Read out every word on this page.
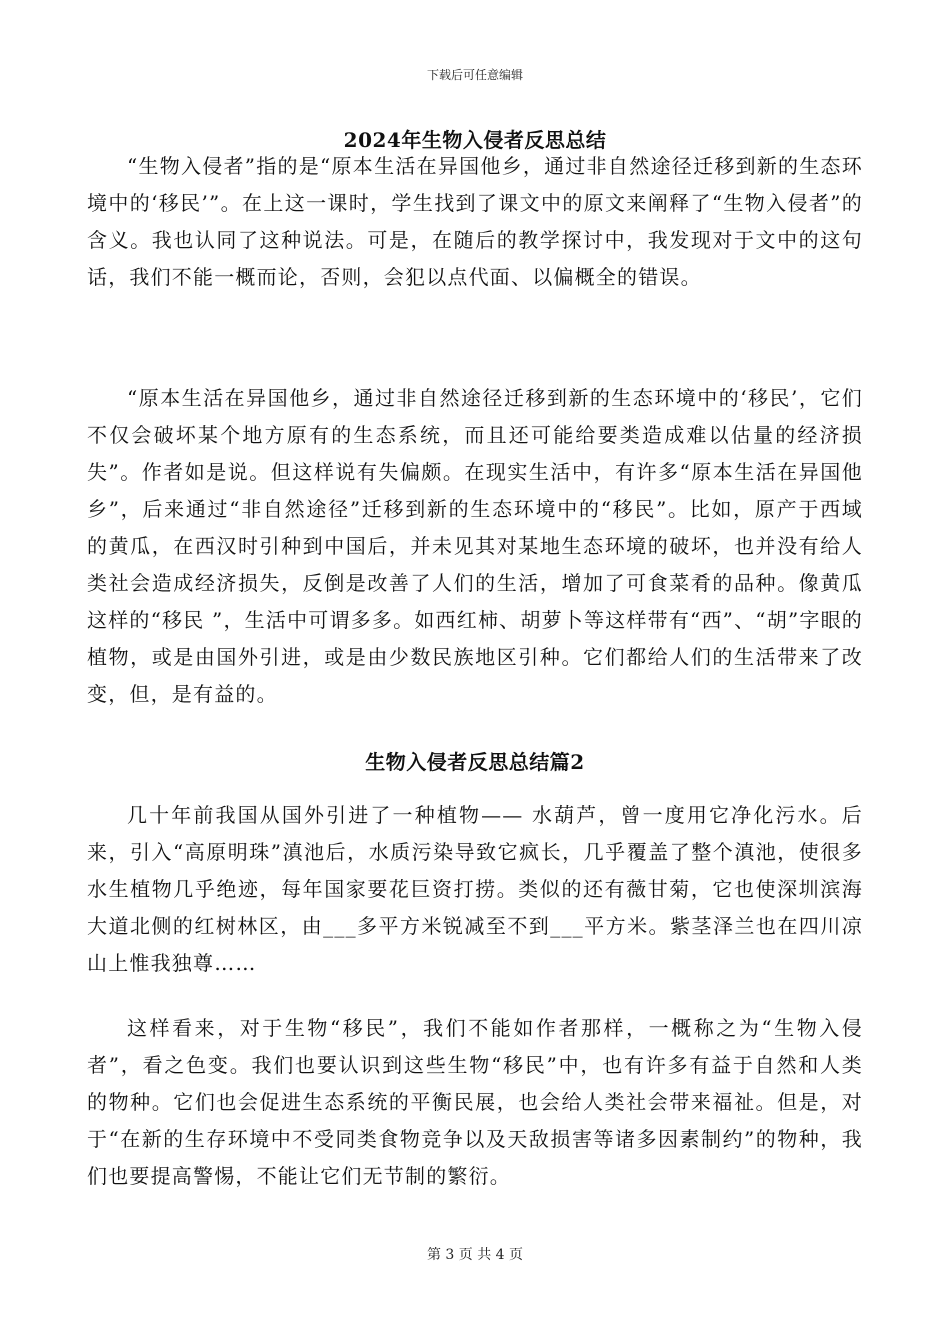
下载后可任意编辑
2024年生物入侵者反思总结

“生物入侵者”指的是“原本生活在异国他乡，通过非自然途径迁移到新的生态环境中的‘移民’”。在上这一课时，学生找到了课文中的原文来阐释了“生物入侵者”的含义。我也认同了这种说法。可是，在随后的教学探讨中，我发现对于文中的这句话，我们不能一概而论，否则，会犯以点代面、以偏概全的错误。

“原本生活在异国他乡，通过非自然途径迁移到新的生态环境中的‘移民’，它们不仅会破坏某个地方原有的生态系统，而且还可能给要类造成难以估量的经济损失”。作者如是说。但这样说有失偏颇。在现实生活中，有许多“原本生活在异国他乡”，后来通过“非自然途径”迁移到新的生态环境中的“移民”。比如，原产于西域的黄瓜，在西汉时引种到中国后，并未见其对某地生态环境的破坏，也并没有给人类社会造成经济损失，反倒是改善了人们的生活，增加了可食菜肴的品种。像黄瓜这样的“移民 ”，生活中可谓多多。如西红柿、胡萝卜等这样带有“西”、“胡”字眼的植物，或是由国外引进，或是由少数民族地区引种。它们都给人们的生活带来了改变，但，是有益的。

生物入侵者反思总结篇2

几十年前我国从国外引进了一种植物—— 水葫芦，曾一度用它净化污水。后来，引入“高原明珠”滇池后，水质污染导致它疯长，几乎覆盖了整个滇池，使很多水生植物几乎绝迹，每年国家要花巨资打捞。类似的还有薇甘菊，它也使深圳滨海大道北侧的红树林区，由___多平方米锐减至不到___平方米。紫茎泽兰也在四川凉山上惟我独尊……

这样看来，对于生物“移民”，我们不能如作者那样，一概称之为“生物入侵者”，看之色变。我们也要认识到这些生物“移民”中，也有许多有益于自然和人类的物种。它们也会促进生态系统的平衡民展，也会给人类社会带来福祉。但是，对于“在新的生存环境中不受同类食物竞争以及天敌损害等诸多因素制约”的物种，我们也要提高警惕，不能让它们无节制的繁衍。

第 3 页 共 4 页
